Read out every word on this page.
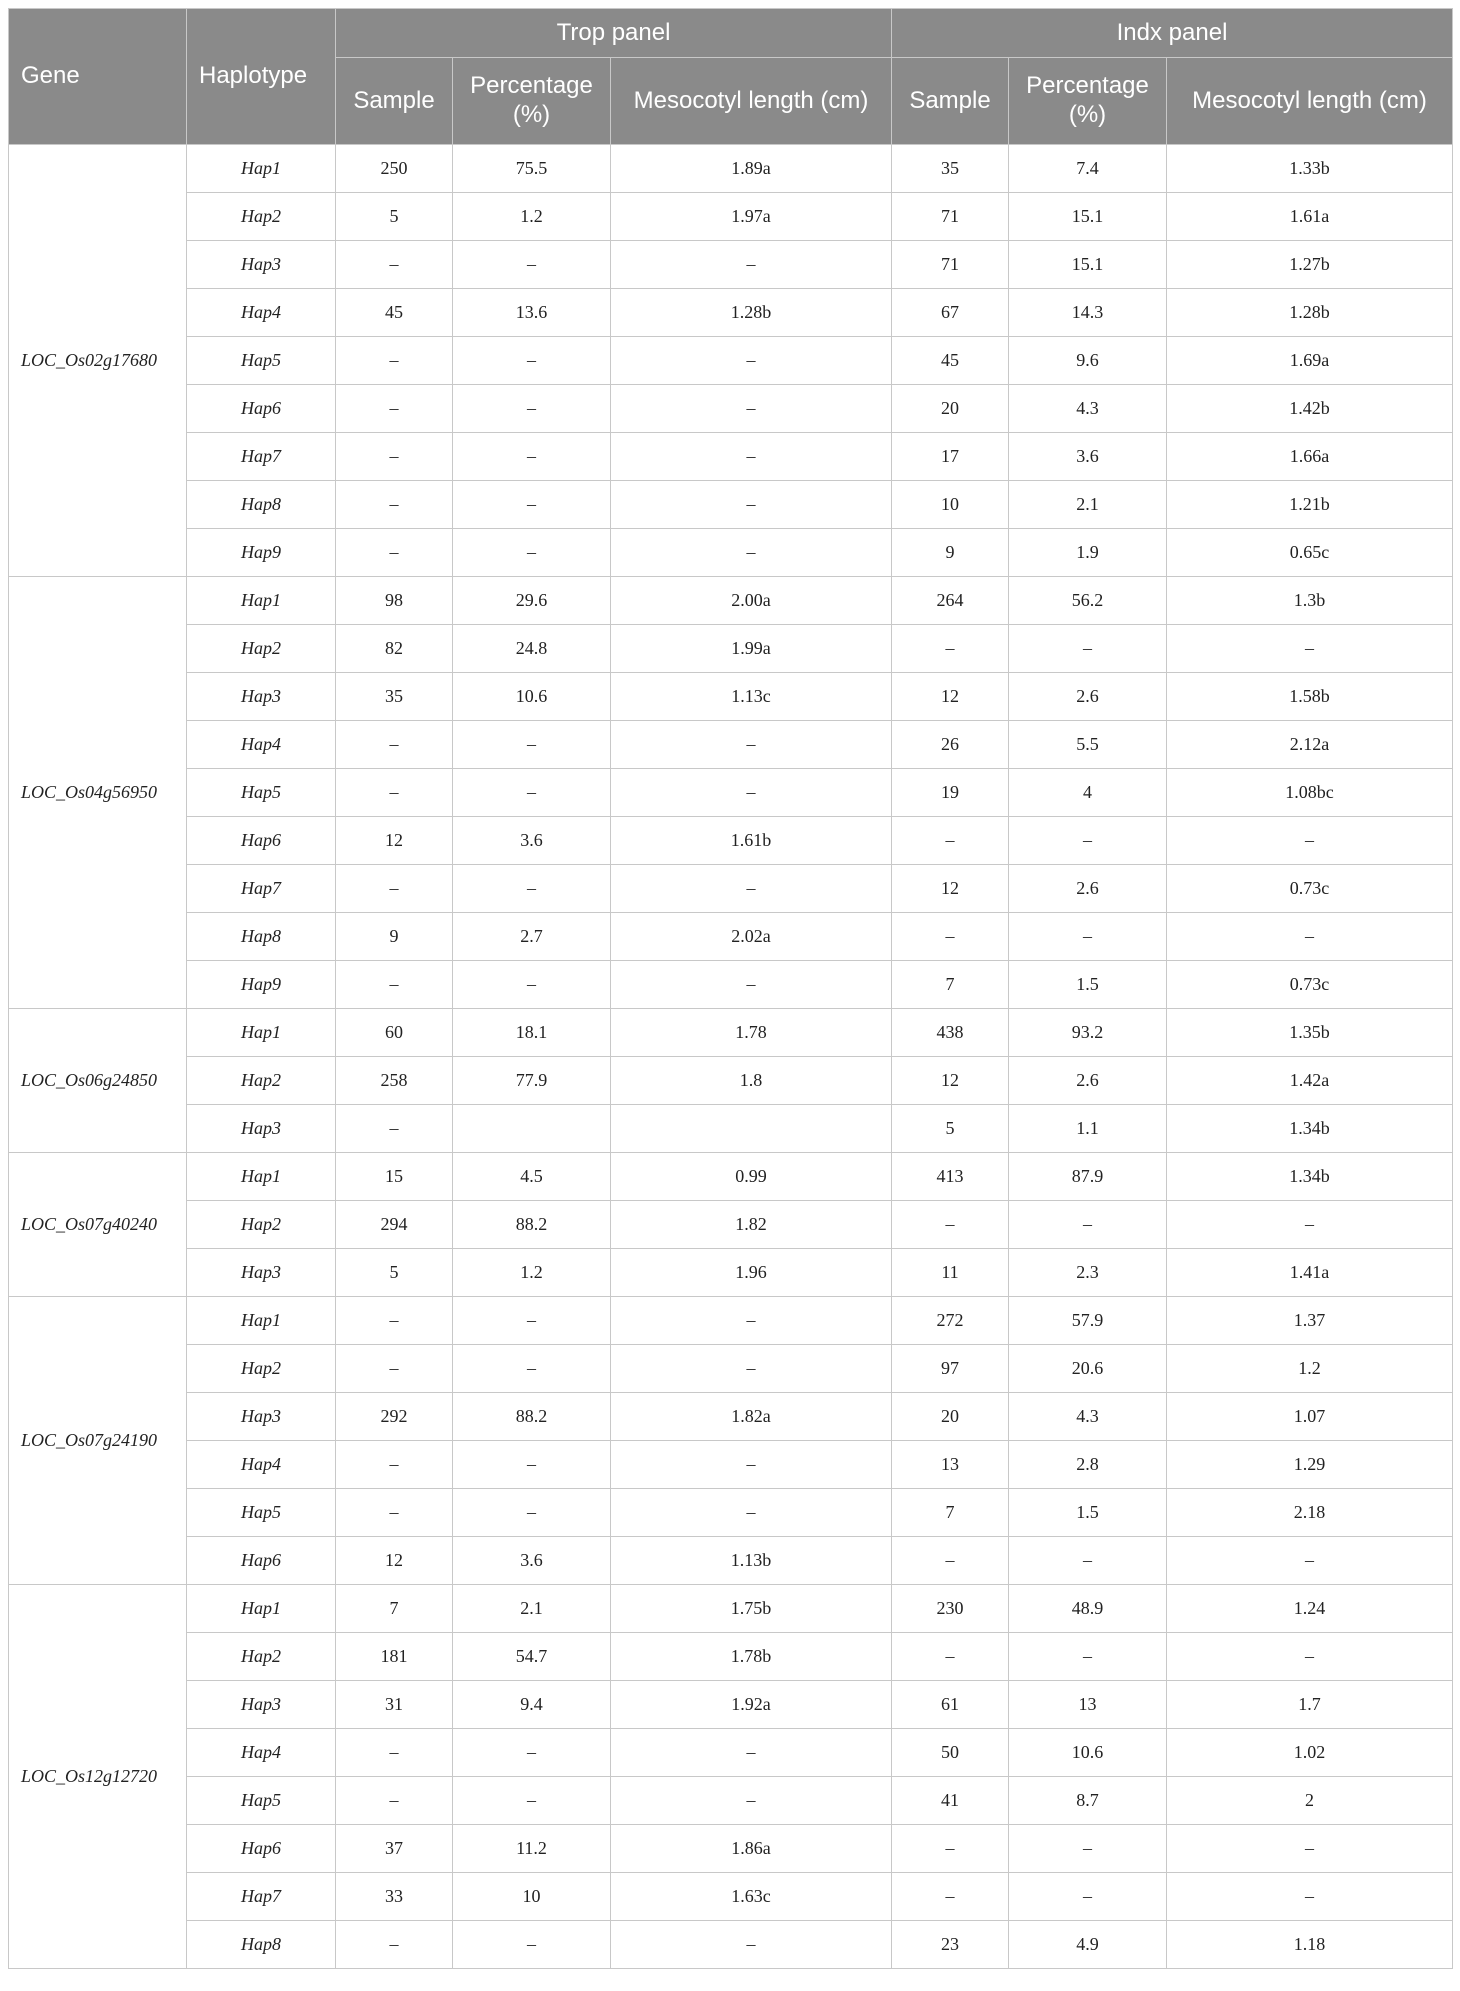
Gene	Haplotype	Trop panel			Indx panel		
		Sample	Percentage (%)	Mesocotyl length (cm)	Sample	Percentage (%)	Mesocotyl length (cm)
LOC_Os02g17680	Hap1	250	75.5	1.89a	35	7.4	1.33b
	Hap2	5	1.2	1.97a	71	15.1	1.61a
	Hap3	–	–	–	71	15.1	1.27b
	Hap4	45	13.6	1.28b	67	14.3	1.28b
	Hap5	–	–	–	45	9.6	1.69a
	Hap6	–	–	–	20	4.3	1.42b
	Hap7	–	–	–	17	3.6	1.66a
	Hap8	–	–	–	10	2.1	1.21b
	Hap9	–	–	–	9	1.9	0.65c
LOC_Os04g56950	Hap1	98	29.6	2.00a	264	56.2	1.3b
	Hap2	82	24.8	1.99a	–	–	–
	Hap3	35	10.6	1.13c	12	2.6	1.58b
	Hap4	–	–	–	26	5.5	2.12a
	Hap5	–	–	–	19	4	1.08bc
	Hap6	12	3.6	1.61b	–	–	–
	Hap7	–	–	–	12	2.6	0.73c
	Hap8	9	2.7	2.02a	–	–	–
	Hap9	–	–	–	7	1.5	0.73c
LOC_Os06g24850	Hap1	60	18.1	1.78	438	93.2	1.35b
	Hap2	258	77.9	1.8	12	2.6	1.42a
	Hap3	–			5	1.1	1.34b
LOC_Os07g40240	Hap1	15	4.5	0.99	413	87.9	1.34b
	Hap2	294	88.2	1.82	–	–	–
	Hap3	5	1.2	1.96	11	2.3	1.41a
LOC_Os07g24190	Hap1	–	–	–	272	57.9	1.37
	Hap2	–	–	–	97	20.6	1.2
	Hap3	292	88.2	1.82a	20	4.3	1.07
	Hap4	–	–	–	13	2.8	1.29
	Hap5	–	–	–	7	1.5	2.18
	Hap6	12	3.6	1.13b	–	–	–
LOC_Os12g12720	Hap1	7	2.1	1.75b	230	48.9	1.24
	Hap2	181	54.7	1.78b	–	–	–
	Hap3	31	9.4	1.92a	61	13	1.7
	Hap4	–	–	–	50	10.6	1.02
	Hap5	–	–	–	41	8.7	2
	Hap6	37	11.2	1.86a	–	–	–
	Hap7	33	10	1.63c	–	–	–
	Hap8	–	–	–	23	4.9	1.18
